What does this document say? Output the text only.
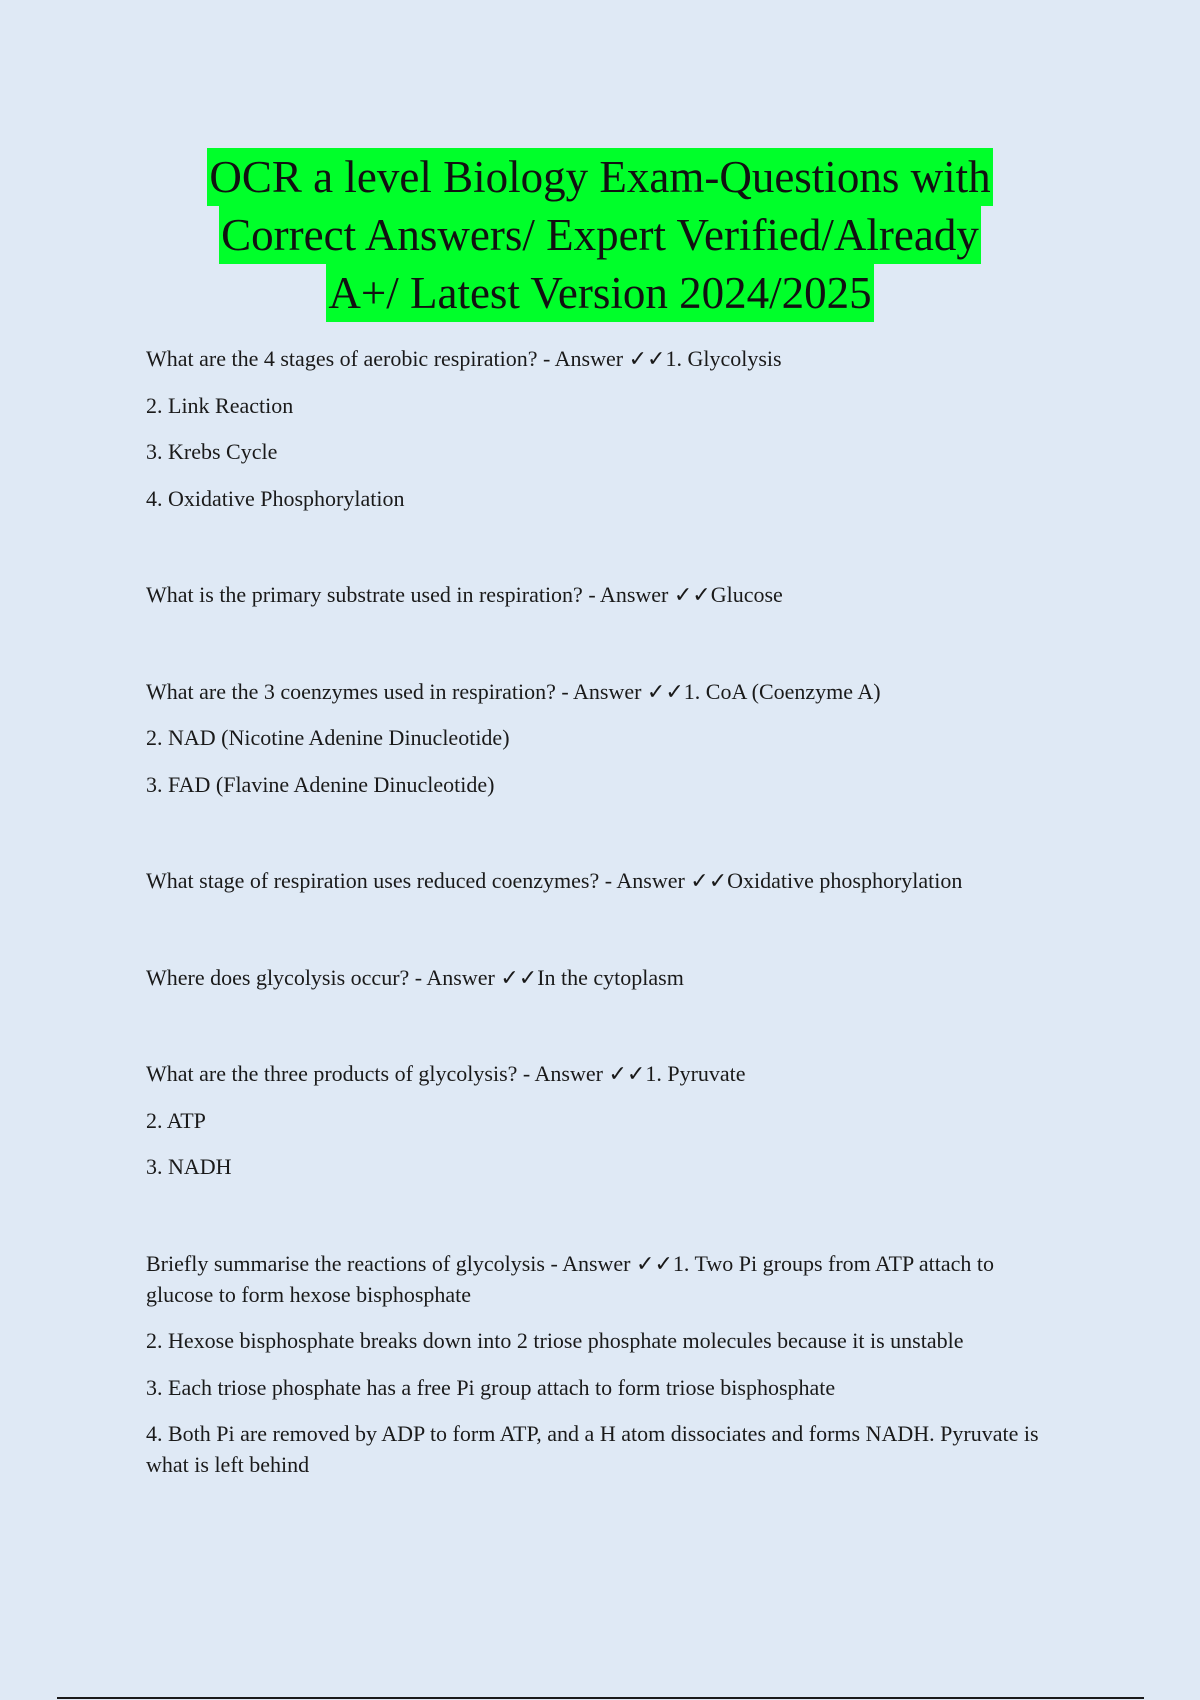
OCR a level Biology Exam-Questions with
Correct Answers/ Expert Verified/Already
A+/ Latest Version 2024/2025

What are the 4 stages of aerobic respiration? - Answer ✓✓1. Glycolysis

2. Link Reaction

3. Krebs Cycle

4. Oxidative Phosphorylation

What is the primary substrate used in respiration? - Answer ✓✓Glucose

What are the 3 coenzymes used in respiration? - Answer ✓✓1. CoA (Coenzyme A)

2. NAD (Nicotine Adenine Dinucleotide)

3. FAD (Flavine Adenine Dinucleotide)

What stage of respiration uses reduced coenzymes? - Answer ✓✓Oxidative phosphorylation

Where does glycolysis occur? - Answer ✓✓In the cytoplasm

What are the three products of glycolysis? - Answer ✓✓1. Pyruvate

2. ATP

3. NADH

Briefly summarise the reactions of glycolysis - Answer ✓✓1. Two Pi groups from ATP attach to glucose to form hexose bisphosphate

2. Hexose bisphosphate breaks down into 2 triose phosphate molecules because it is unstable

3. Each triose phosphate has a free Pi group attach to form triose bisphosphate

4. Both Pi are removed by ADP to form ATP, and a H atom dissociates and forms NADH. Pyruvate is what is left behind
